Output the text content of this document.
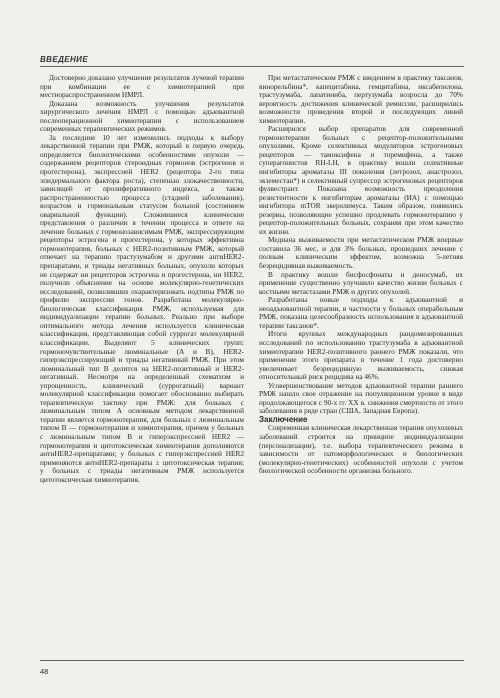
ВВЕДЕНИЕ

Достоверно доказано улучшение результатов лучевой терапии при комбинации ее с химиотерапией при местнораспространенном НМРЛ.

Доказана возможность улучшения результатов хирургического лечения НМРЛ с помощью адъювантной послеоперационной химиотерапии с использованием современных терапевтических режимов.

За последние 10 лет изменились подходы к выбору лекарственной терапии при РМЖ, который в первую очередь определяется биологическими особенностями опухоли — содержанием рецепторов стероидных гормонов (эстрогенов и прогестерона), экспрессией HER2 (рецептора 2-го типа эпидермального фактора роста), степенью злокачественности, зависящей от пролиферативного индекса, а также распространенностью процесса (стадией заболевания), возрастом и гормональным статусом больной (состоянием овариальной функции). Сложившиеся клинические представления о различии в течении процесса и ответе на лечение больных с гормонозависимым РМЖ, экспрессирующим рецепторы эстрогена и прогестерона, у которых эффективна гормонотерапия, больных с HER2-позитивным РМЖ, который отвечает на терапию трастузумабом и другими антиHER2-препаратами, и триады негативных больных, опухоли которых не содержат ни рецепторов эстрогена и прогестерона, ни HER2, получили объяснение на основе молекулярно-генетических исследований, позволивших охарактеризовать подтипы РМЖ по профилю экспрессии генов. Разработана молекулярно-биологическая классификация РМЖ, используемая для индивидуализации терапии больных. Реально при выборе оптимального метода лечения используется клиническая классификация, представляющая собой суррогат молекулярной классификации. Выделяют 5 клинических групп: гормоночувствительные люминальные (А и В), HER2-гиперэкспрессирующий и триады негативный РМЖ. При этом люминальный тип В делится на HER2-позитивный и HER2-негативный. Несмотря на определенный схематизм и упрощенность, клинический (суррогатный) вариант молекулярной классификации помогает обоснованно выбирать терапевтическую тактику при РМЖ: для больных с люминальным типом А основным методом лекарственной терапии является гормонотерапия, для больных с люминальным типом В — гормонотерапия и химиотерапия, причем у больных с люминальным типом В и гиперэкспрессией HER2 — гормонотерапия и цитотоксическая химиотерапия дополняются антиHER2-препаратами; у больных с гиперэкспрессией HER2 применяются антиHER2-препараты ± цитотоксическая терапия; у больных с триады негативным РМЖ используется цитотоксическая химиотерапия.

При метастатическом РМЖ с введением в практику таксанов, винорельбина*, капецитабина, гемцитабина, иксабепилона, трастузумаба, лапатиниба, пертузумаба возросла до 70% вероятность достижения клинической ремиссии, расширились возможности проведения второй и последующих линий химиотерапии.

Расширился выбор препаратов для современной гормонотерапии больных с рецептор-положительными опухолями. Кроме селективных модуляторов эстрогеновых рецепторов — тамоксифена и торемифена, а также суперагонистов RH-LH, в практику вошли селективные ингибиторы ароматазы III поколения (летрозол, анастрозол, экземестан*) и селективный супрессор эстрогеновых рецепторов фулвестрант. Показана возможность преодоления резистентности к ингибиторам ароматазы (ИА) с помощью ингибитора mTOR эверолимуса. Таким образом, появились резервы, позволяющие успешно продлевать гормонотерапию у рецептор-положительных больных, сохраняя при этом качество их жизни.

Медиана выживаемости при метастатическом РМЖ впервые составила 36 мес, и для 3% больных, прошедших лечение с полным клиническим эффектом, возможна 5-летняя безрецидивная выживаемость.

В практику вошли бисфосфонаты и деносумаб, их применение существенно улучшило качество жизни больных с костными метастазами РМЖ и других опухолей.

Разработаны новые подходы к адъювантной и неоадъювантной терапии, в частности у больных операбельным РМЖ, показана целесообразность использования в адъювантной терапии таксанов*.

Итоги крупных международных рандомизированных исследований по использованию трастузумаба в адъювантной химиотерапии HER2-позитивного раннего РМЖ показали, что применение этого препарата в течение 1 года достоверно увеличивает безрецидивную выживаемость, снижая относительный риск рецидива на 46%.

Усовершенствование методов адъювантной терапии раннего РМЖ нашло свое отражение на популяционном уровне в виде продолжающегося с 90-х гг. XX в. снижения смертности от этого заболевания в ряде стран (США, Западная Европа).

Заключение

Современная клиническая лекарственная терапия опухолевых заболеваний строится на принципе индивидуализации (персонализации), т.е. выбора терапевтического режима в зависимости от патоморфологических и биологических (молекулярно-генетических) особенностей опухоли с учетом биологической особенности организма больного.

48
